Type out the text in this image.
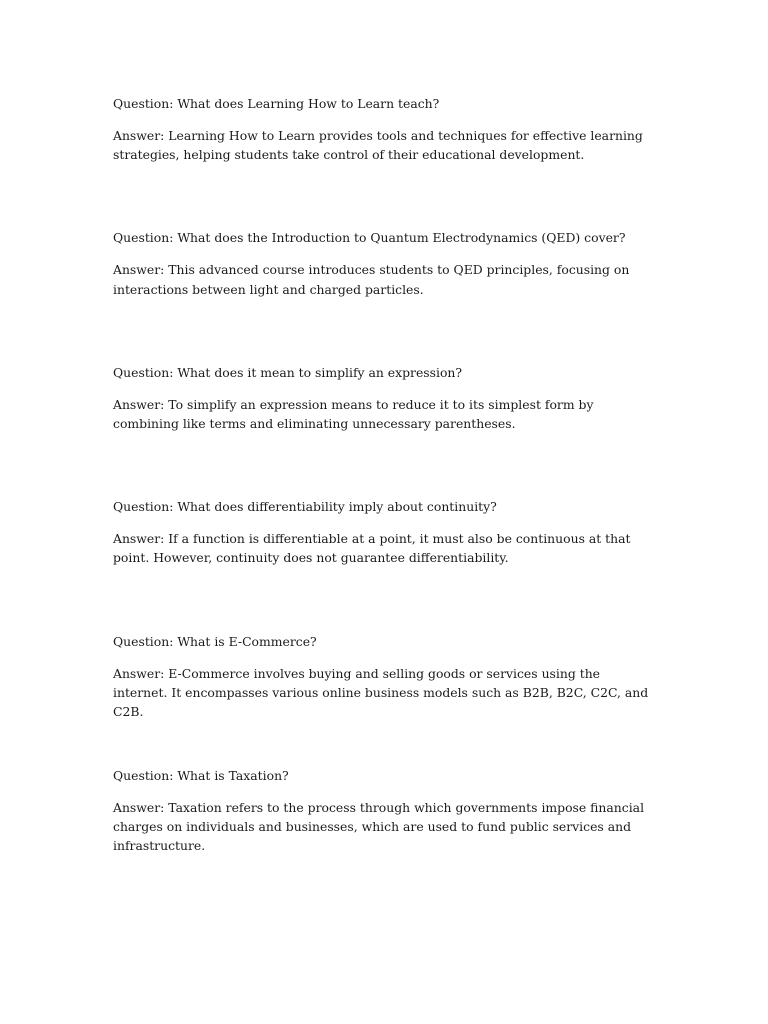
Question: What does Learning How to Learn teach?

Answer: Learning How to Learn provides tools and techniques for effective learning strategies, helping students take control of their educational development.

Question: What does the Introduction to Quantum Electrodynamics (QED) cover?

Answer: This advanced course introduces students to QED principles, focusing on interactions between light and charged particles.

Question: What does it mean to simplify an expression?

Answer: To simplify an expression means to reduce it to its simplest form by combining like terms and eliminating unnecessary parentheses.

Question: What does differentiability imply about continuity?

Answer: If a function is differentiable at a point, it must also be continuous at that point. However, continuity does not guarantee differentiability.

Question: What is E-Commerce?

Answer: E-Commerce involves buying and selling goods or services using the internet. It encompasses various online business models such as B2B, B2C, C2C, and C2B.

Question: What is Taxation?

Answer: Taxation refers to the process through which governments impose financial charges on individuals and businesses, which are used to fund public services and infrastructure.
